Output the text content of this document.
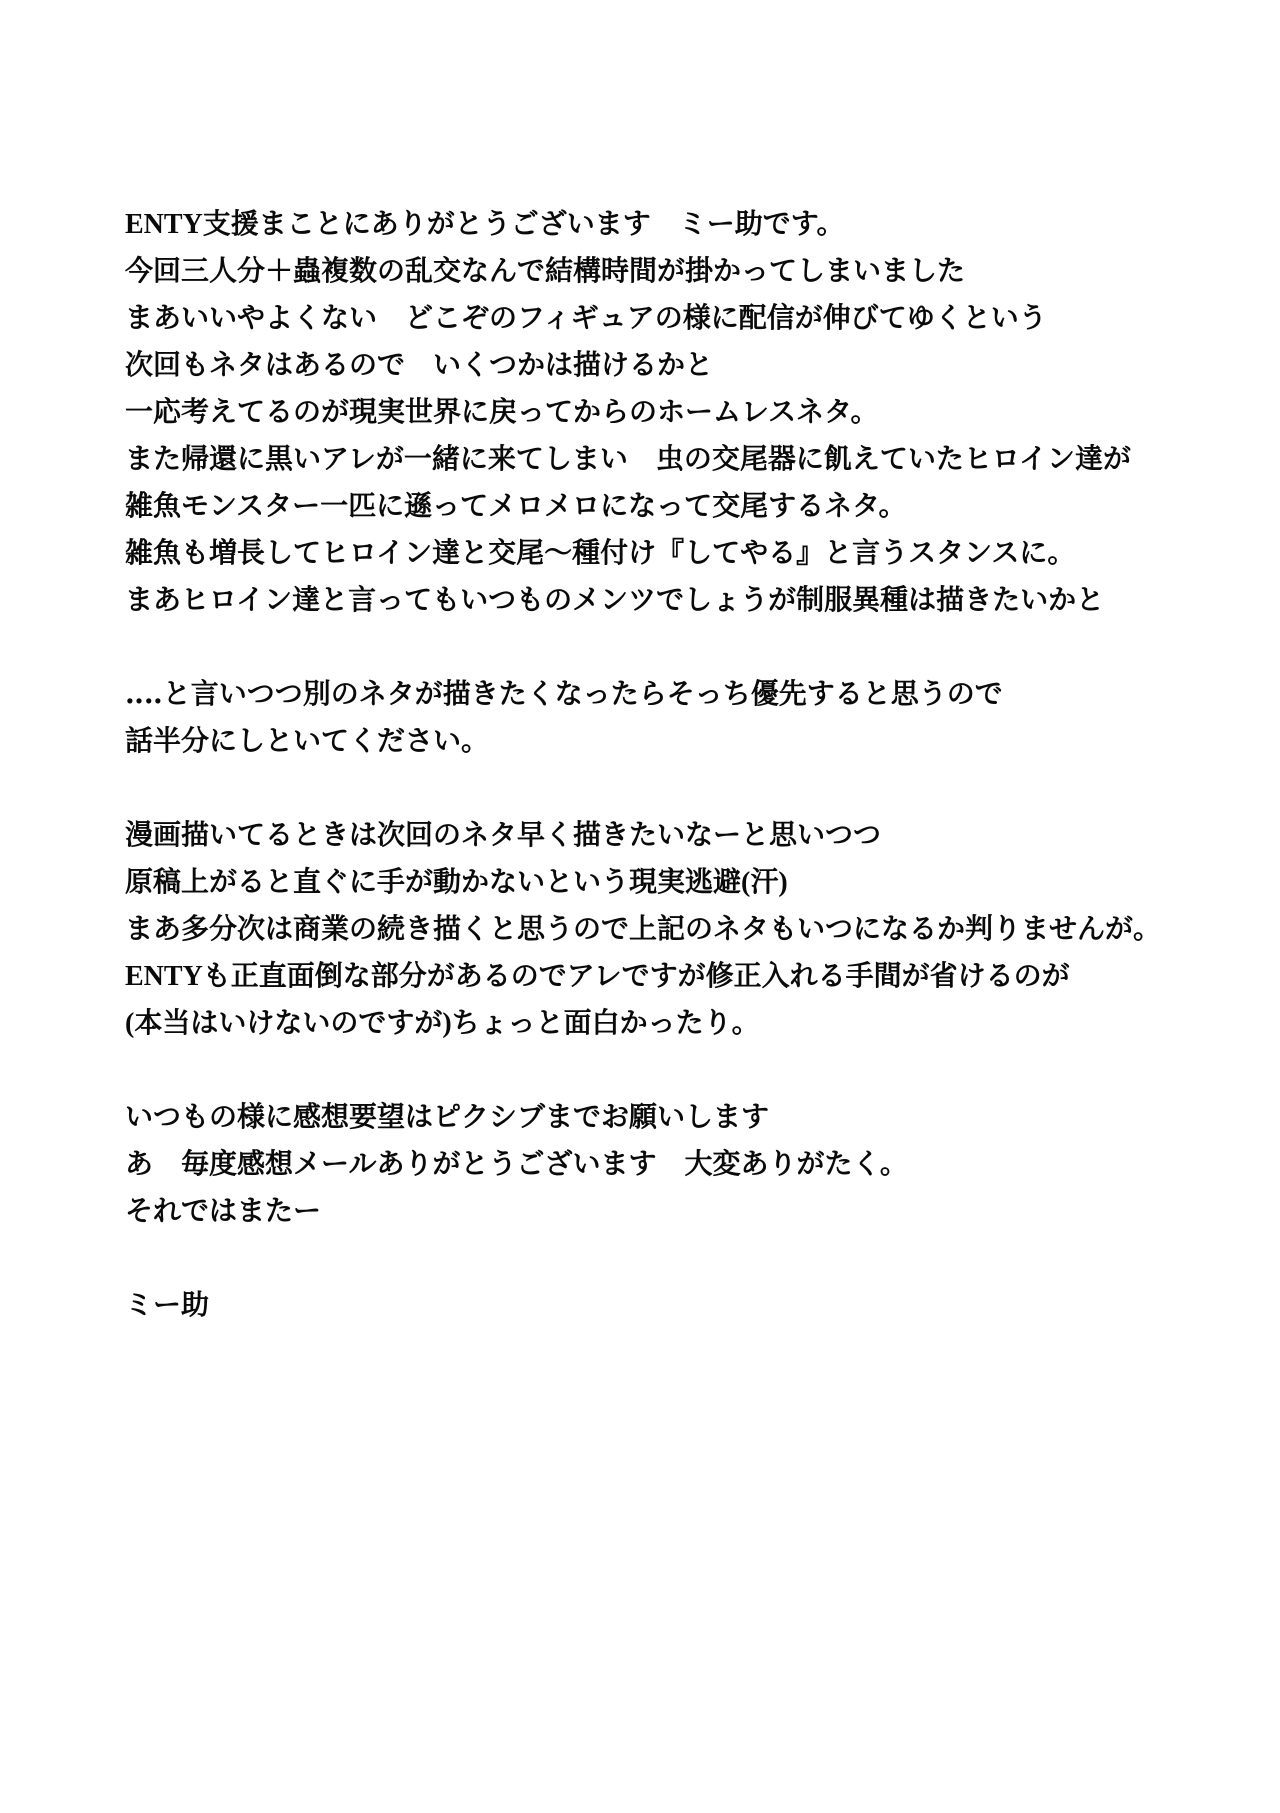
ENTY支援まことにありがとうございます　ミー助です。
今回三人分＋蟲複数の乱交なんで結構時間が掛かってしまいました
まあいいやよくない　どこぞのフィギュアの様に配信が伸びてゆくという
次回もネタはあるので　いくつかは描けるかと
一応考えてるのが現実世界に戻ってからのホームレスネタ。
また帰還に黒いアレが一緒に来てしまい　虫の交尾器に飢えていたヒロイン達が
雑魚モンスター一匹に遜ってメロメロになって交尾するネタ。
雑魚も増長してヒロイン達と交尾～種付け『してやる』と言うスタンスに。
まあヒロイン達と言ってもいつものメンツでしょうが制服異種は描きたいかと
‥‥と言いつつ別のネタが描きたくなったらそっち優先すると思うので
話半分にしといてください。
漫画描いてるときは次回のネタ早く描きたいなーと思いつつ
原稿上がると直ぐに手が動かないという現実逃避(汗)
まあ多分次は商業の続き描くと思うので上記のネタもいつになるか判りませんが。
ENTYも正直面倒な部分があるのでアレですが修正入れる手間が省けるのが
(本当はいけないのですが)ちょっと面白かったり。
いつもの様に感想要望はピクシブまでお願いします
あ　毎度感想メールありがとうございます　大変ありがたく。
それではまたー
ミー助
